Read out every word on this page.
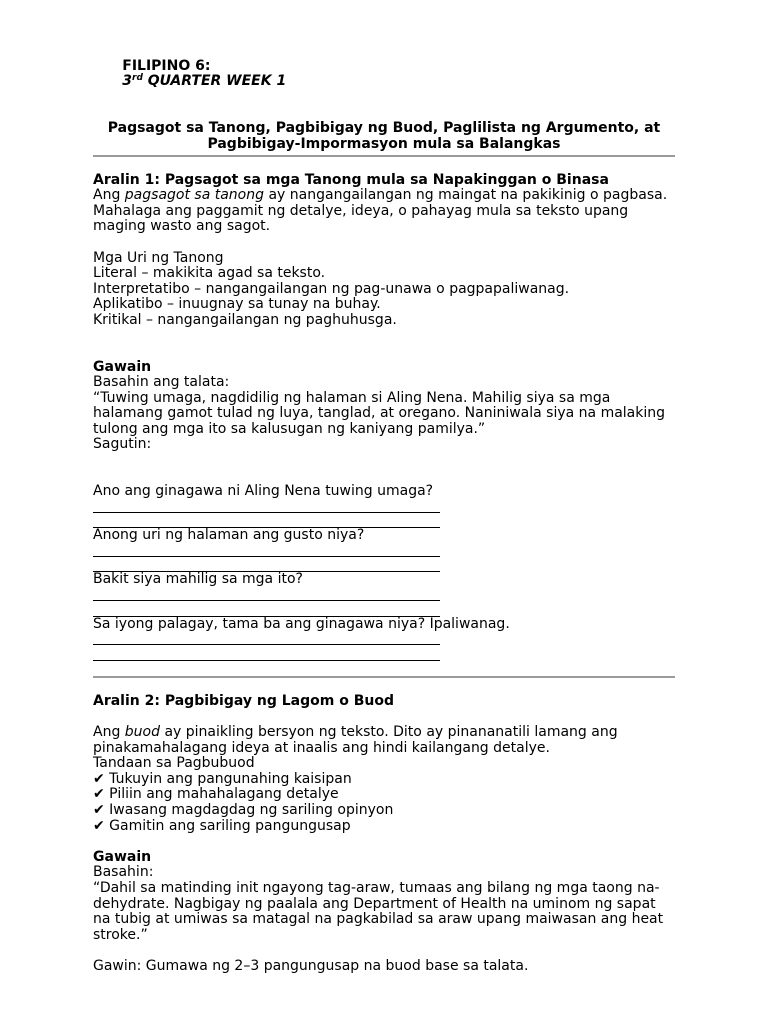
FILIPINO 6:
3rd QUARTER WEEK 1

Pagsagot sa Tanong, Pagbibigay ng Buod, Paglilista ng Argumento, at
Pagbibigay-Impormasyon mula sa Balangkas
Aralin 1: Pagsagot sa mga Tanong mula sa Napakinggan o Binasa
Ang pagsagot sa tanong ay nangangailangan ng maingat na pakikinig o pagbasa.
Mahalaga ang paggamit ng detalye, ideya, o pahayag mula sa teksto upang
maging wasto ang sagot.
Mga Uri ng Tanong
Literal – makikita agad sa teksto.
Interpretatibo – nangangailangan ng pag-unawa o pagpapaliwanag.
Aplikatibo – inuugnay sa tunay na buhay.
Kritikal – nangangailangan ng paghuhusga.
Gawain
Basahin ang talata:
“Tuwing umaga, nagdidilig ng halaman si Aling Nena. Mahilig siya sa mga
halamang gamot tulad ng luya, tanglad, at oregano. Naniniwala siya na malaking
tulong ang mga ito sa kalusugan ng kaniyang pamilya.”
Sagutin:
Ano ang ginagawa ni Aling Nena tuwing umaga?
Anong uri ng halaman ang gusto niya?
Bakit siya mahilig sa mga ito?
Sa iyong palagay, tama ba ang ginagawa niya? Ipaliwanag.
Aralin 2: Pagbibigay ng Lagom o Buod
Ang buod ay pinaikling bersyon ng teksto. Dito ay pinananatili lamang ang
pinakamahalagang ideya at inaalis ang hindi kailangang detalye.
Tandaan sa Pagbubuod
✔ Tukuyin ang pangunahing kaisipan
✔ Piliin ang mahahalagang detalye
✔ Iwasang magdagdag ng sariling opinyon
✔ Gamitin ang sariling pangungusap
Gawain
Basahin:
“Dahil sa matinding init ngayong tag-araw, tumaas ang bilang ng mga taong na-
dehydrate. Nagbigay ng paalala ang Department of Health na uminom ng sapat
na tubig at umiwas sa matagal na pagkabilad sa araw upang maiwasan ang heat
stroke.”
Gawin: Gumawa ng 2–3 pangungusap na buod base sa talata.
